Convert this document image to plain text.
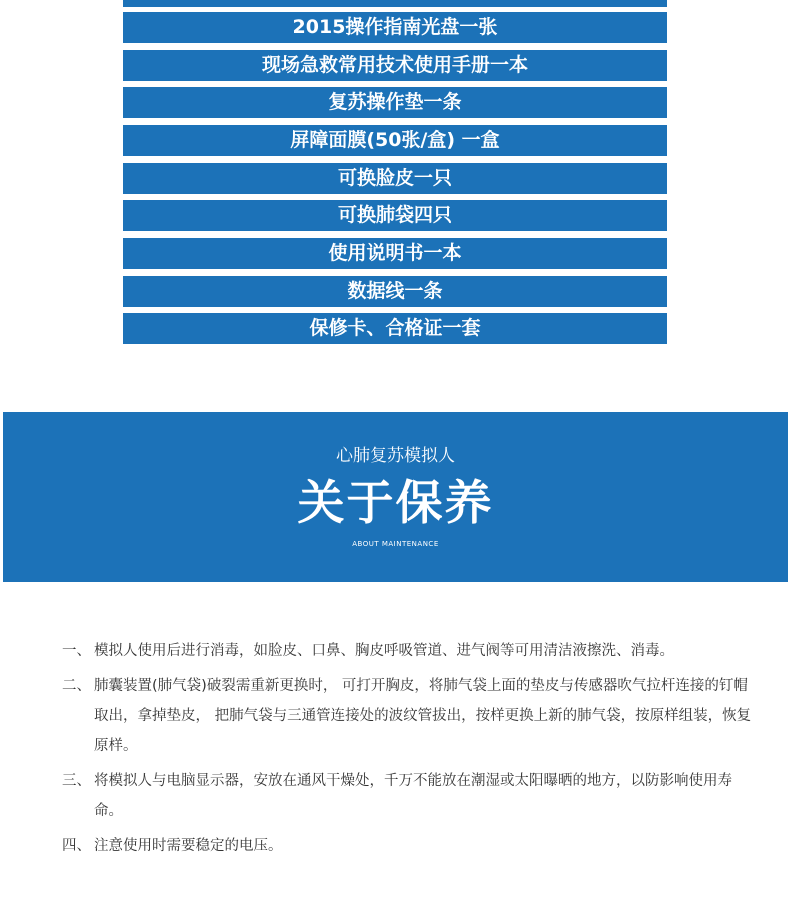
2015操作指南光盘一张
现场急救常用技术使用手册一本
复苏操作垫一条
屏障面膜(50张/盒) 一盒
可换脸皮一只
可换肺袋四只
使用说明书一本
数据线一条
保修卡、合格证一套
心肺复苏模拟人
关于保养
ABOUT MAINTENANCE
一、 模拟人使用后进行消毒，如脸皮、口鼻、胸皮呼吸管道、进气阀等可用清洁液擦洗、消毒。
二、 肺囊装置(肺气袋)破裂需重新更换时， 可打开胸皮，将肺气袋上面的垫皮与传感器吹气拉杆连接的钉帽取出，拿掉垫皮， 把肺气袋与三通管连接处的波纹管拔出，按样更换上新的肺气袋，按原样组装，恢复原样。
三、 将模拟人与电脑显示器，安放在通风干燥处，千万不能放在潮湿或太阳曝晒的地方，以防影响使用寿命。
四、 注意使用时需要稳定的电压。
